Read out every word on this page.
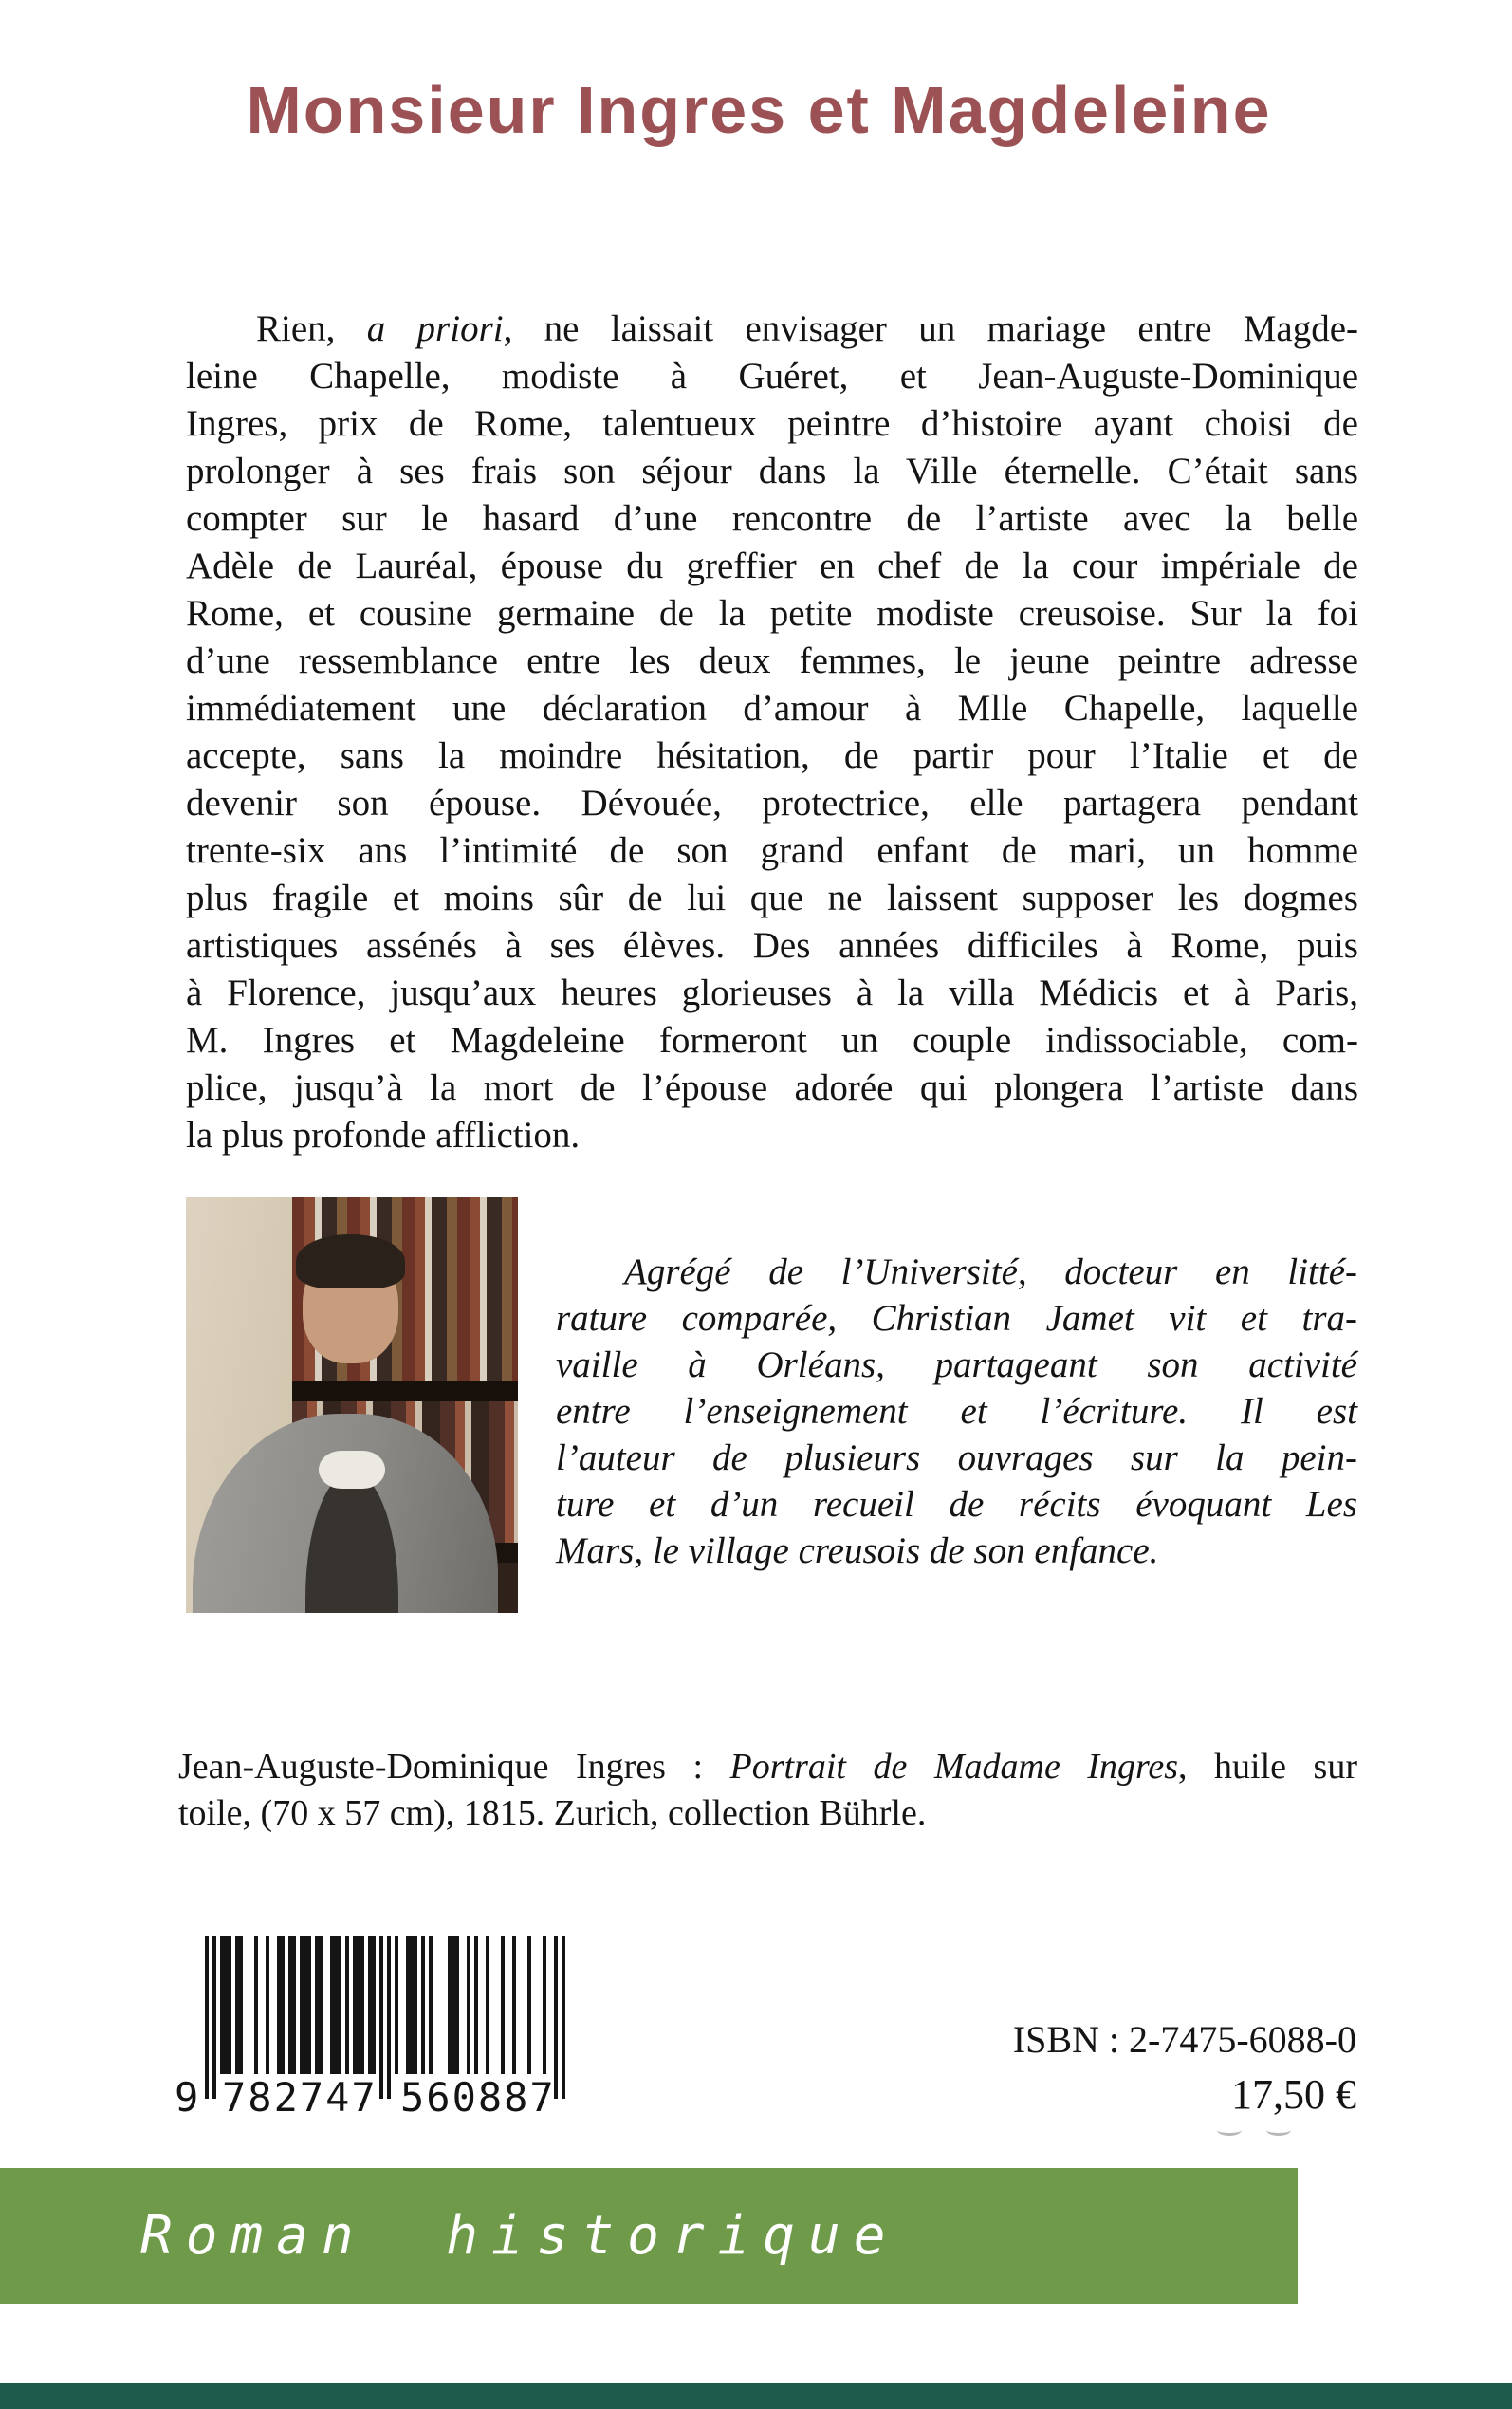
Monsieur Ingres et Magdeleine
Rien, a priori, ne laissait envisager un mariage entre Magde-
leine Chapelle, modiste à Guéret, et Jean-Auguste-Dominique
Ingres, prix de Rome, talentueux peintre d’histoire ayant choisi de
prolonger à ses frais son séjour dans la Ville éternelle. C’était sans
compter sur le hasard d’une rencontre de l’artiste avec la belle
Adèle de Lauréal, épouse du greffier en chef de la cour impériale de
Rome, et cousine germaine de la petite modiste creusoise. Sur la foi
d’une ressemblance entre les deux femmes, le jeune peintre adresse
immédiatement une déclaration d’amour à Mlle Chapelle, laquelle
accepte, sans la moindre hésitation, de partir pour l’Italie et de
devenir son épouse. Dévouée, protectrice, elle partagera pendant
trente-six ans l’intimité de son grand enfant de mari, un homme
plus fragile et moins sûr de lui que ne laissent supposer les dogmes
artistiques assénés à ses élèves. Des années difficiles à Rome, puis
à Florence, jusqu’aux heures glorieuses à la villa Médicis et à Paris,
M. Ingres et Magdeleine formeront un couple indissociable, com-
plice, jusqu’à la mort de l’épouse adorée qui plongera l’artiste dans
la plus profonde affliction.
Agrégé de l’Université, docteur en litté-
rature comparée, Christian Jamet vit et tra-
vaille à Orléans, partageant son activité
entre l’enseignement et l’écriture. Il est
l’auteur de plusieurs ouvrages sur la pein-
ture et d’un recueil de récits évoquant Les
Mars, le village creusois de son enfance.
Jean-Auguste-Dominique Ingres : Portrait de Madame Ingres, huile sur
toile, (70 x 57 cm), 1815. Zurich, collection Bührle.
9 782747 560887
ISBN : 2-7475-6088-0
17,50 €
Roman historique
